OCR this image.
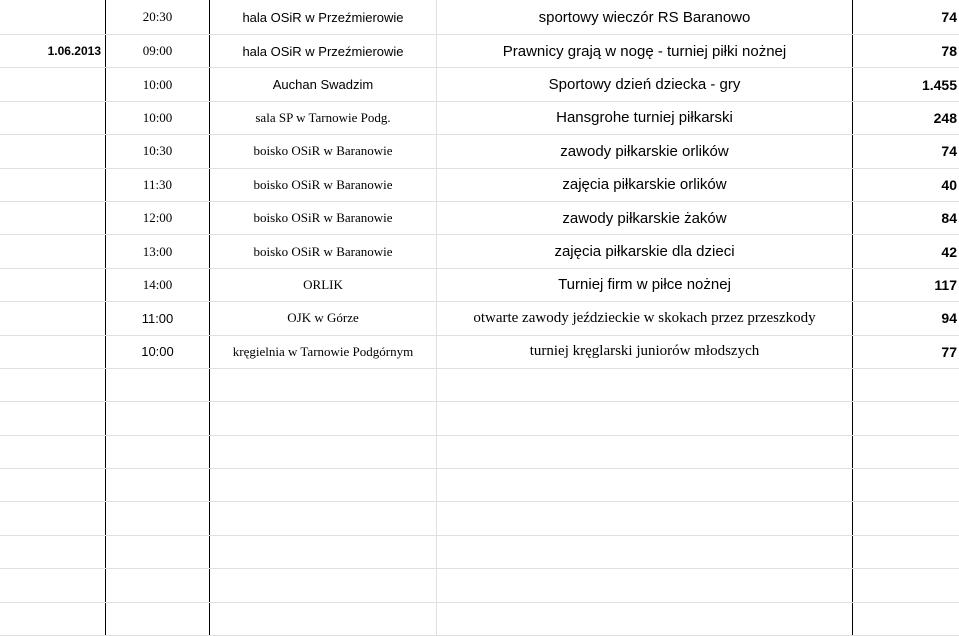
	20:30	hala OSiR w Przeźmierowie	sportowy wieczór RS Baranowo	74
1.06.2013	09:00	hala OSiR w Przeźmierowie	Prawnicy grają w nogę - turniej piłki nożnej	78
	10:00	Auchan Swadzim	Sportowy dzień dziecka - gry	1.455
	10:00	sala SP w Tarnowie Podg.	Hansgrohe turniej piłkarski	248
	10:30	boisko OSiR w Baranowie	zawody piłkarskie orlików	74
	11:30	boisko OSiR w Baranowie	zajęcia piłkarskie orlików	40
	12:00	boisko OSiR w Baranowie	zawody piłkarskie żaków	84
	13:00	boisko OSiR w Baranowie	zajęcia piłkarskie dla dzieci	42
	14:00	ORLIK	Turniej firm w piłce nożnej	117
	11:00	OJK w Górze	otwarte zawody jeździeckie w skokach przez przeszkody	94
	10:00	kręgielnia w Tarnowie Podgórnym	turniej kręglarski juniorów młodszych	77
